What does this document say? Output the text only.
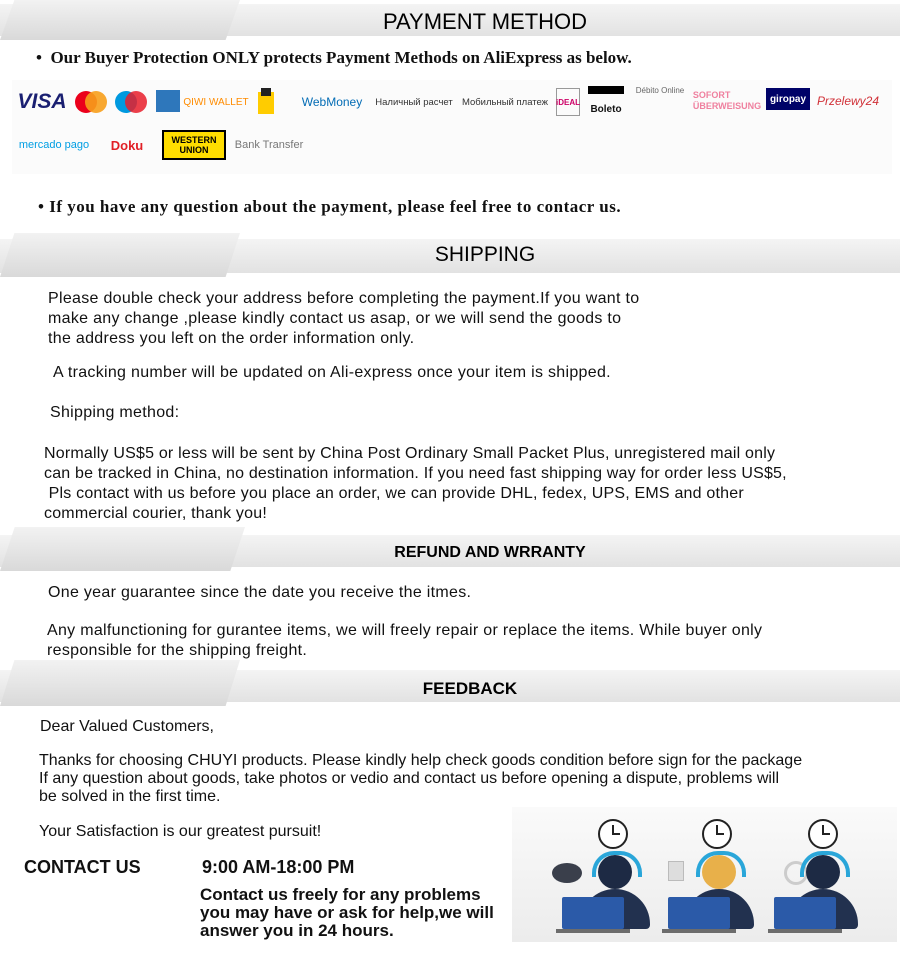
PAYMENT METHOD
• Our Buyer Protection ONLY protects Payment Methods on AliExpress as below.
VISA	QIWI WALLET	WebMoney	Наличный расчет Мобильный платеж iDEAL
Boleto
Débito Online SOFORT ÜBERWEISUNG
giropay Przelewy24
mercado pago	Doku	WESTERN UNION	Bank Transfer
• If you have any question about the payment, please feel free to contacr us.
SHIPPING
Please double check your address before completing the payment.If you want to
make any change ,please kindly contact us asap, or we will send the goods to
the address you left on the order information only.
A tracking number will be updated on Ali-express once your item is shipped.
Shipping method:
Normally US$5 or less will be sent by China Post Ordinary Small Packet Plus, unregistered mail only
can be tracked in China, no destination information. If you need fast shipping way for order less US$5,
Pls contact with us before you place an order, we can provide DHL, fedex, UPS, EMS and other
commercial courier, thank you!
REFUND AND WRRANTY
One year guarantee since the date you receive the itmes.
Any malfunctioning for gurantee items, we will freely repair or replace the items. While buyer only
responsible for the shipping freight.
FEEDBACK
Dear Valued Customers,
Thanks for choosing CHUYI products. Please kindly help check goods condition before sign for the package
If any question about goods, take photos or vedio and contact us before opening a dispute, problems will
be solved in the first time.
Your Satisfaction is our greatest pursuit!
CONTACT US	9:00 AM-18:00 PM
Contact us freely for any problems
you may have or ask for help,we will
answer you in 24 hours.
